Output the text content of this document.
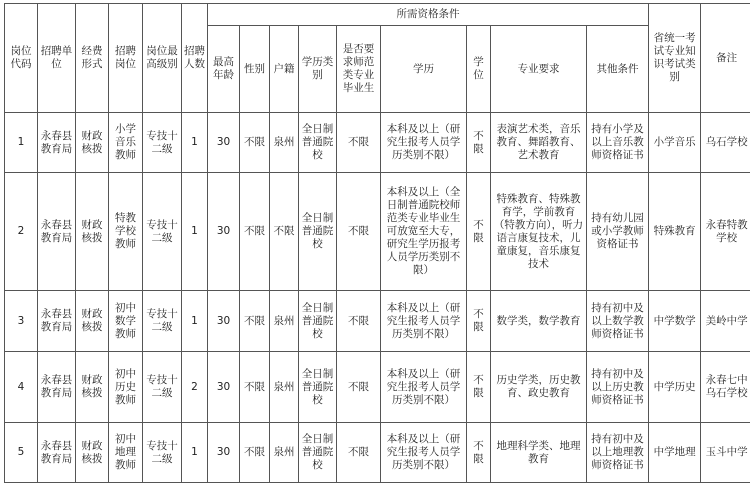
岗位代码	招聘单位	经费形式	招聘岗位	岗位最高级别	招聘人数	所需资格条件									省统一考试专业知识考试类别	备注
						最高年龄	性别	户籍	学历类别	是否要求师范类专业毕业生	学历	学位	专业要求	其他条件		
1	永春县教育局	财政核拨	小学音乐教师	专技十二级	1	30	不限	泉州	全日制普通院校	不限	本科及以上（研究生报考人员学历类别不限）	不限	表演艺术类，音乐教育、舞蹈教育、艺术教育	持有小学及以上音乐教师资格证书	小学音乐	乌石学校
2	永春县教育局	财政核拨	特教学校教师	专技十二级	1	30	不限	不限	全日制普通院校	不限	本科及以上（全日制普通院校师范类专业毕业生可放宽至大专，研究生学历报考人员学历类别不限）	不限	特殊教育、特殊教育学，学前教育（特教方向），听力语言康复技术，儿童康复，音乐康复技术	持有幼儿园或小学教师资格证书	特殊教育	永春特教学校
3	永春县教育局	财政核拨	初中数学教师	专技十二级	1	30	不限	泉州	全日制普通院校	不限	本科及以上（研究生报考人员学历类别不限）	不限	数学类，数学教育	持有初中及以上数学教师资格证书	中学数学	美岭中学
4	永春县教育局	财政核拨	初中历史教师	专技十二级	2	30	不限	泉州	全日制普通院校	不限	本科及以上（研究生报考人员学历类别不限）	不限	历史学类，历史教育、政史教育	持有初中及以上历史教师资格证书	中学历史	永春七中 乌石学校
5	永春县教育局	财政核拨	初中地理教师	专技十二级	1	30	不限	泉州	全日制普通院校	不限	本科及以上（研究生报考人员学历类别不限）	不限	地理科学类、地理教育	持有初中及以上地理教师资格证书	中学地理	玉斗中学
